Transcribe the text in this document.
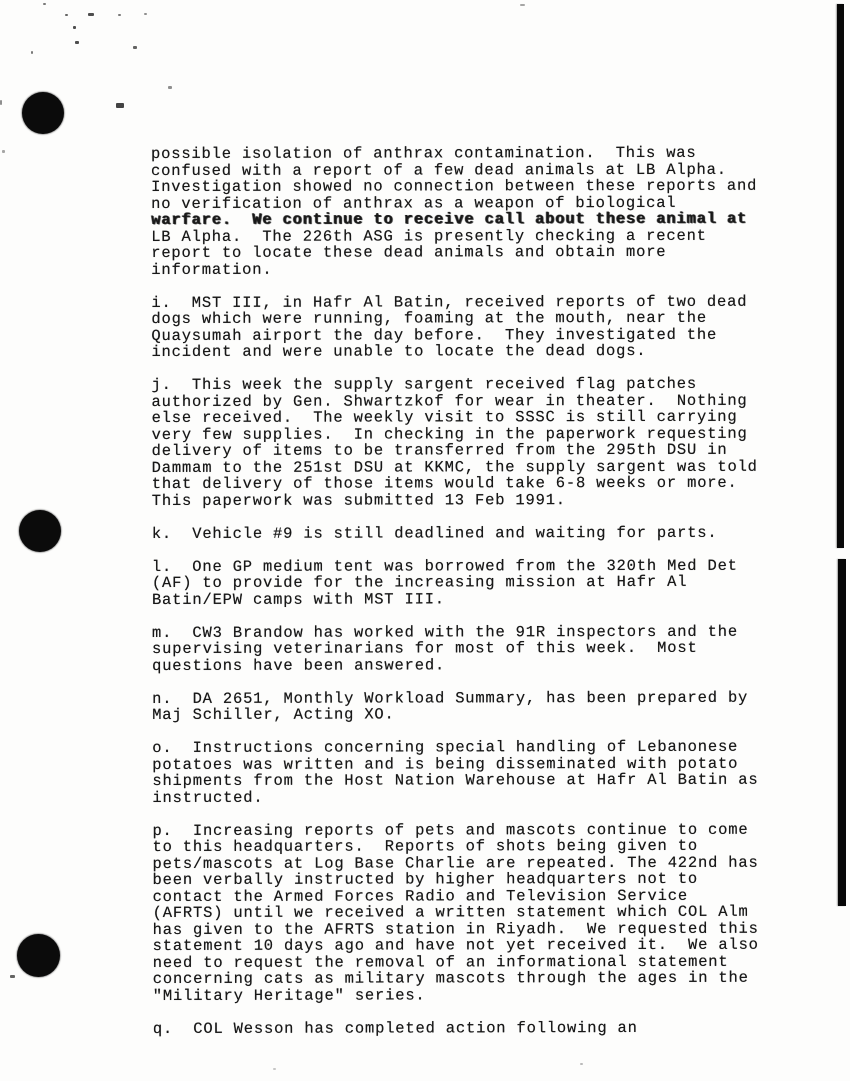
possible isolation of anthrax contamination.  This was
confused with a report of a few dead animals at LB Alpha.
Investigation showed no connection between these reports and
no verification of anthrax as a weapon of biological
warfare.  We continue to receive call about these animal at
LB Alpha.  The 226th ASG is presently checking a recent
report to locate these dead animals and obtain more
information.
i.  MST III, in Hafr Al Batin, received reports of two dead
dogs which were running, foaming at the mouth, near the
Quaysumah airport the day before.  They investigated the
incident and were unable to locate the dead dogs.
j.  This week the supply sargent received flag patches
authorized by Gen. Shwartzkof for wear in theater.  Nothing
else received.  The weekly visit to SSSC is still carrying
very few supplies.  In checking in the paperwork requesting
delivery of items to be transferred from the 295th DSU in
Dammam to the 251st DSU at KKMC, the supply sargent was told
that delivery of those items would take 6-8 weeks or more.
This paperwork was submitted 13 Feb 1991.
k.  Vehicle #9 is still deadlined and waiting for parts.
l.  One GP medium tent was borrowed from the 320th Med Det
(AF) to provide for the increasing mission at Hafr Al
Batin/EPW camps with MST III.
m.  CW3 Brandow has worked with the 91R inspectors and the
supervising veterinarians for most of this week.  Most
questions have been answered.
n.  DA 2651, Monthly Workload Summary, has been prepared by
Maj Schiller, Acting XO.
o.  Instructions concerning special handling of Lebanonese
potatoes was written and is being disseminated with potato
shipments from the Host Nation Warehouse at Hafr Al Batin as
instructed.
p.  Increasing reports of pets and mascots continue to come
to this headquarters.  Reports of shots being given to
pets/mascots at Log Base Charlie are repeated. The 422nd has
been verbally instructed by higher headquarters not to
contact the Armed Forces Radio and Television Service
(AFRTS) until we received a written statement which COL Alm
has given to the AFRTS station in Riyadh.  We requested this
statement 10 days ago and have not yet received it.  We also
need to request the removal of an informational statement
concerning cats as military mascots through the ages in the
"Military Heritage" series.
q.  COL Wesson has completed action following an
